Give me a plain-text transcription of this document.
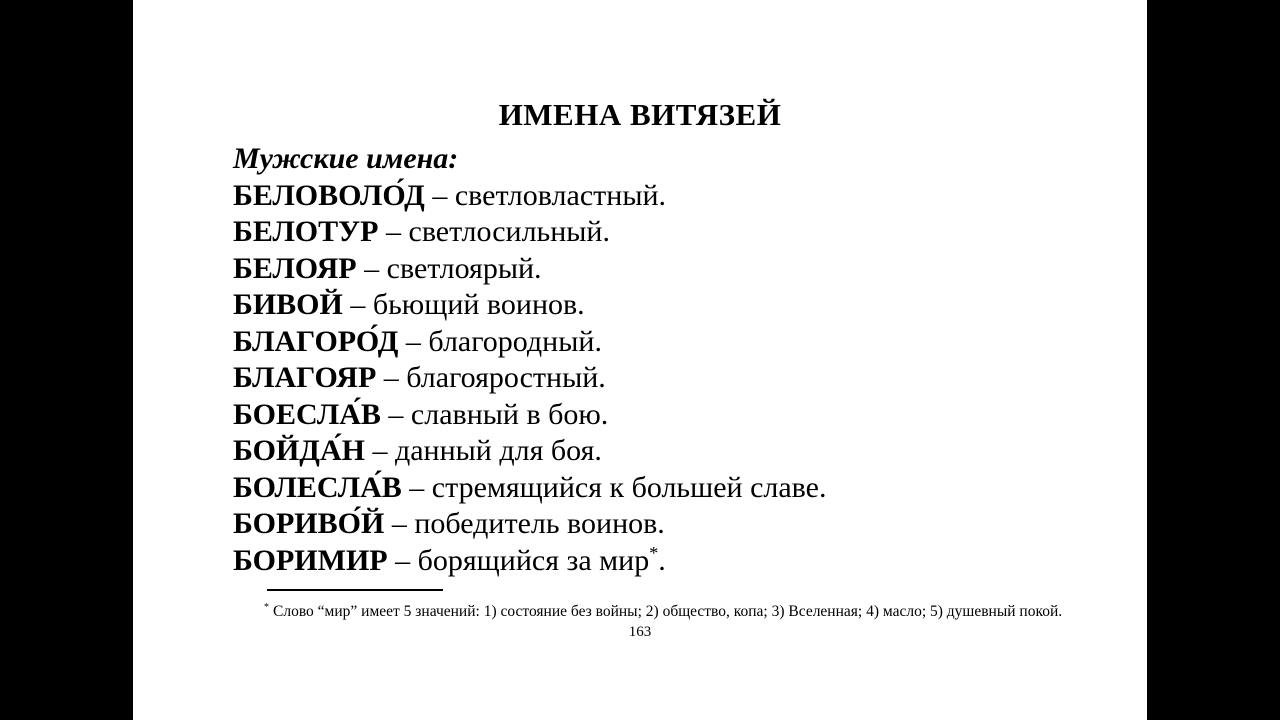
ИМЕНА ВИТЯЗЕЙ
Мужские имена:
БЕЛОВОЛО́Д – светловластный.
БЕЛОТУР – светлосильный.
БЕЛОЯР – светлоярый.
БИВОЙ – бьющий воинов.
БЛАГОРО́Д – благородный.
БЛАГОЯР – благояростный.
БОЕСЛА́В – славный в бою.
БОЙДА́Н – данный для боя.
БОЛЕСЛА́В – стремящийся к большей славе.
БОРИВО́Й – победитель воинов.
БОРИМИР – борящийся за мир*.
* Слово “мир” имеет 5 значений: 1) состояние без войны; 2) общество, копа; 3) Вселенная; 4) масло; 5) душевный покой.
163
